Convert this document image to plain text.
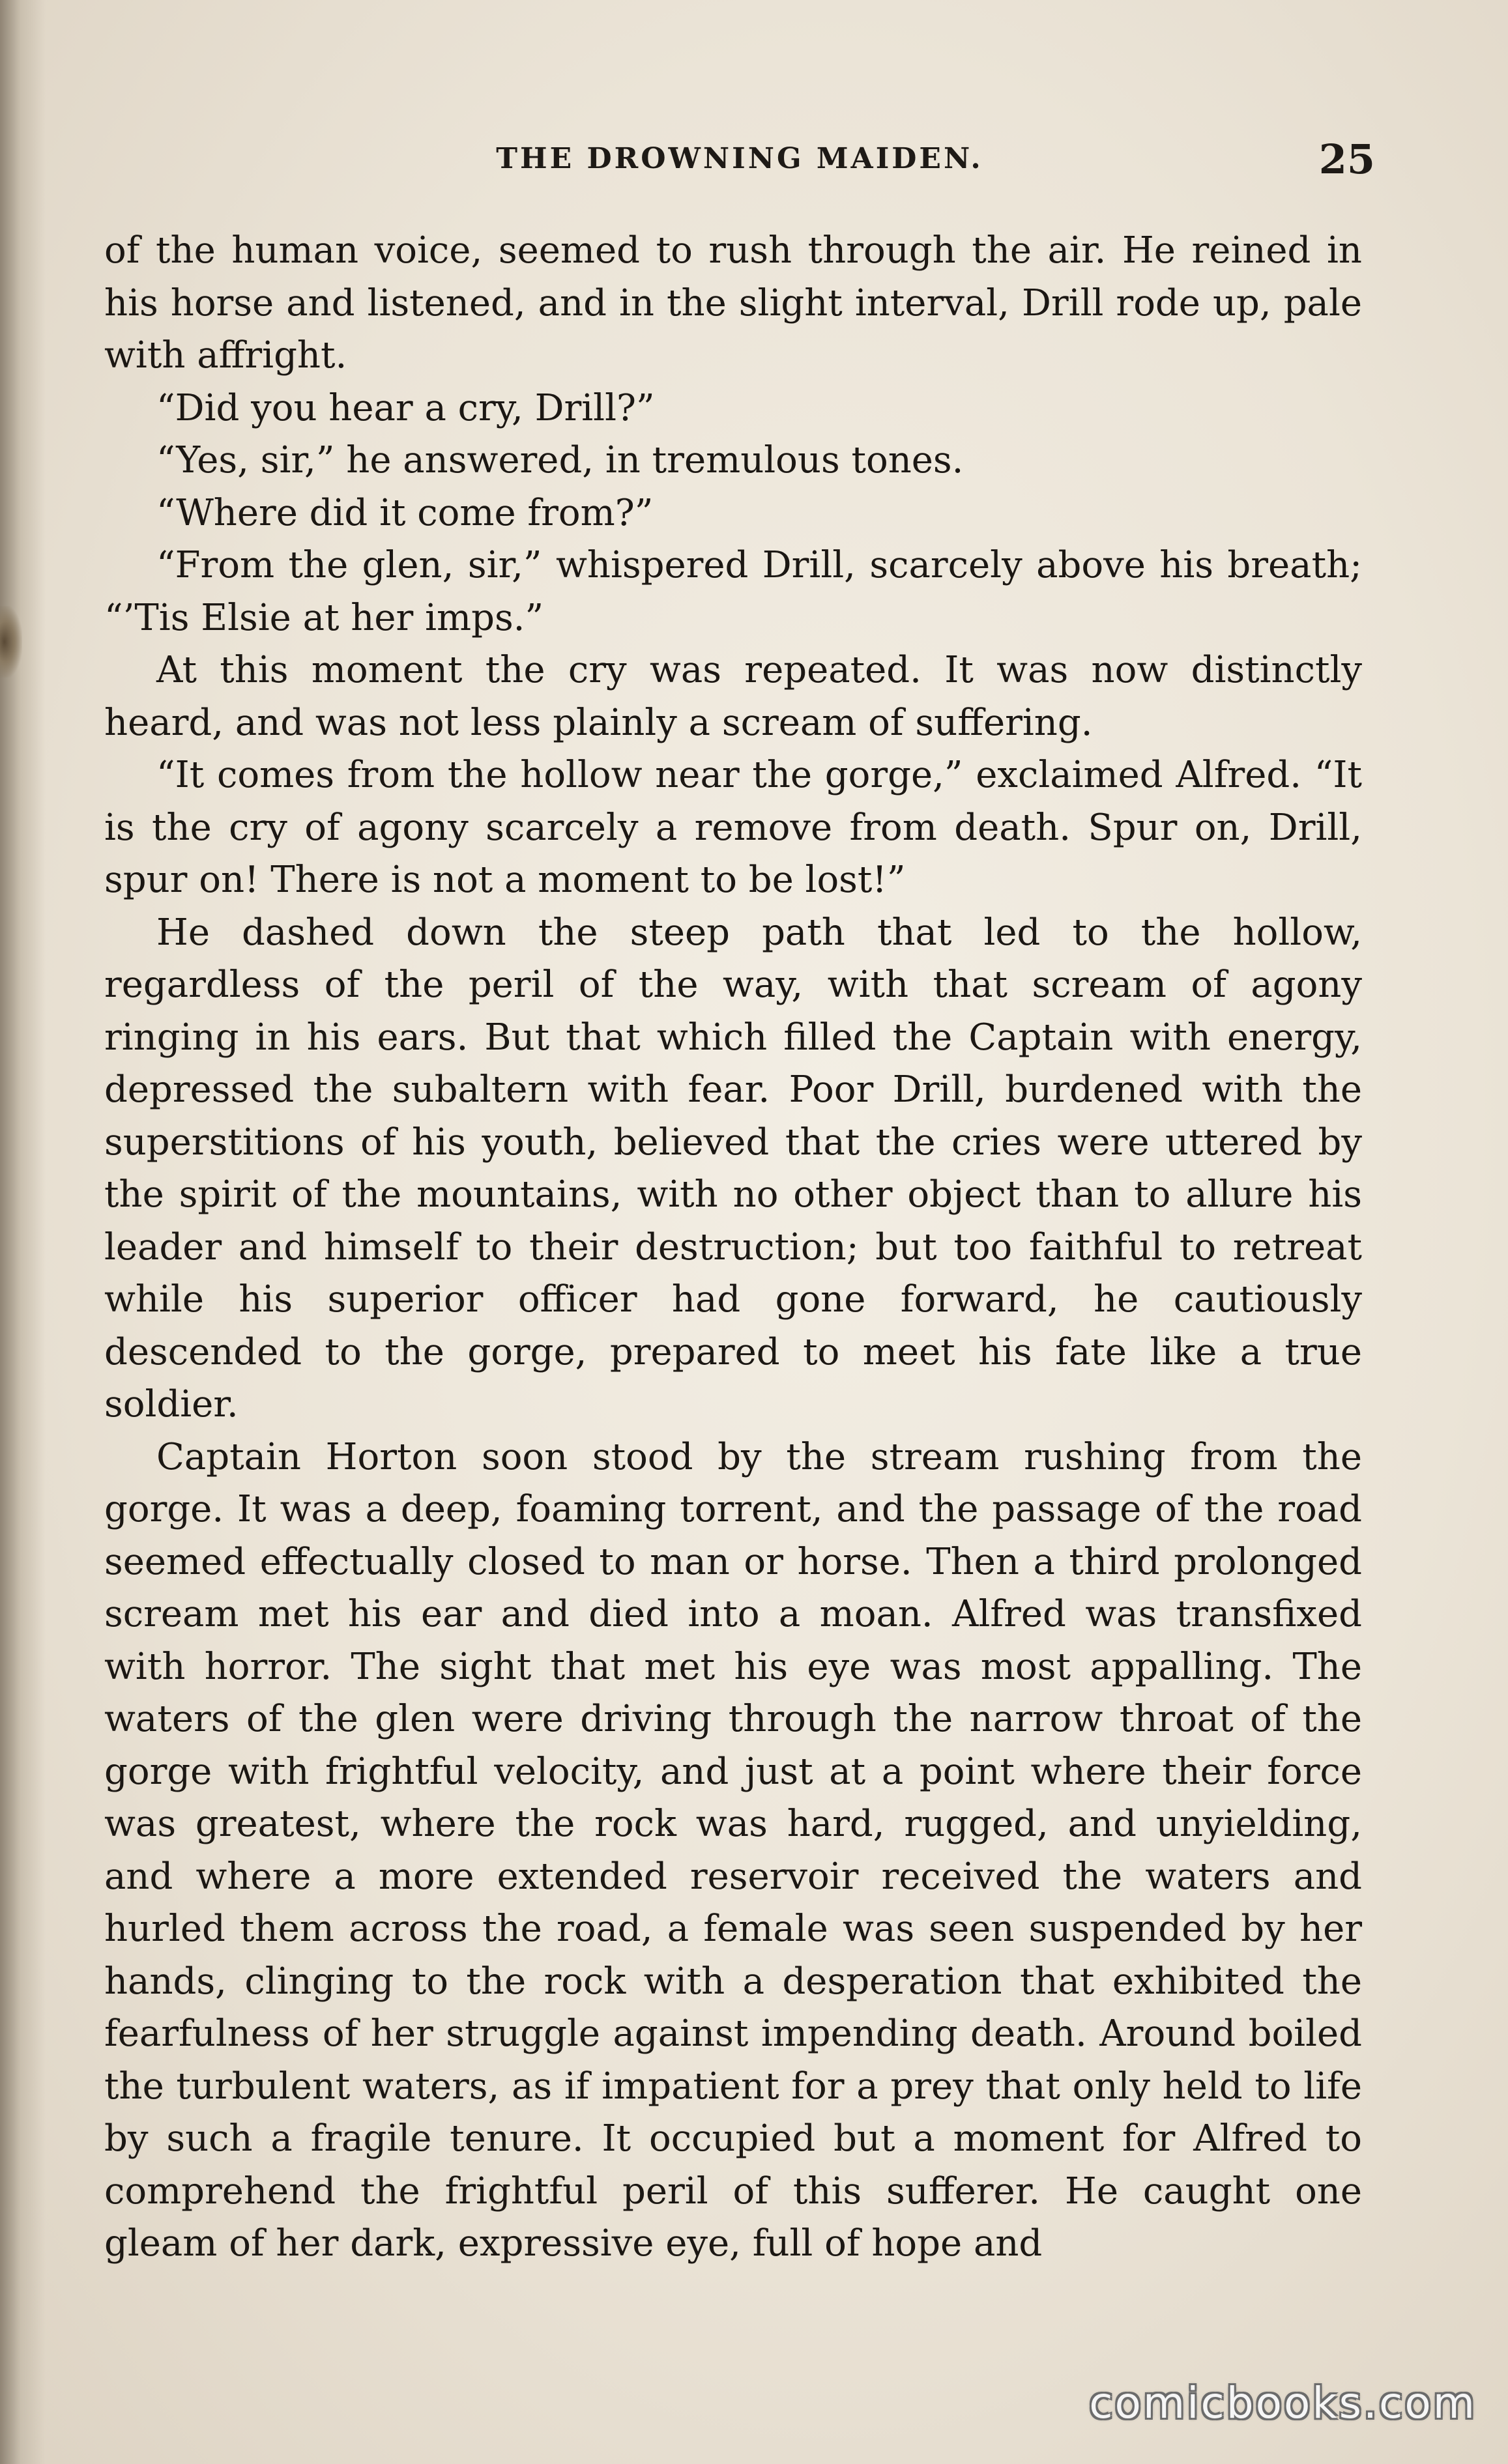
THE DROWNING MAIDEN.	25

of the human voice, seemed to rush through the air. He reined in his horse and listened, and in the slight interval, Drill rode up, pale with affright.

“Did you hear a cry, Drill?”

“Yes, sir,” he answered, in tremulous tones.

“Where did it come from?”

“From the glen, sir,” whispered Drill, scarcely above his breath; “’Tis Elsie at her imps.”

At this moment the cry was repeated. It was now distinctly heard, and was not less plainly a scream of suffering.

“It comes from the hollow near the gorge,” exclaimed Alfred. “It is the cry of agony scarcely a remove from death. Spur on, Drill, spur on! There is not a moment to be lost!”

He dashed down the steep path that led to the hollow, regardless of the peril of the way, with that scream of agony ringing in his ears. But that which filled the Captain with energy, depressed the subaltern with fear. Poor Drill, burdened with the superstitions of his youth, believed that the cries were uttered by the spirit of the mountains, with no other object than to allure his leader and himself to their destruction; but too faithful to retreat while his superior officer had gone forward, he cautiously descended to the gorge, prepared to meet his fate like a true soldier.

Captain Horton soon stood by the stream rushing from the gorge. It was a deep, foaming torrent, and the passage of the road seemed effectually closed to man or horse. Then a third prolonged scream met his ear and died into a moan. Alfred was transfixed with horror. The sight that met his eye was most appalling. The waters of the glen were driving through the narrow throat of the gorge with frightful velocity, and just at a point where their force was greatest, where the rock was hard, rugged, and unyielding, and where a more extended reservoir received the waters and hurled them across the road, a female was seen suspended by her hands, clinging to the rock with a desperation that exhibited the fearfulness of her struggle against impending death. Around boiled the turbulent waters, as if impatient for a prey that only held to life by such a fragile tenure. It occupied but a moment for Alfred to comprehend the frightful peril of this sufferer. He caught one gleam of her dark, expressive eye, full of hope and

comicbooks.com
